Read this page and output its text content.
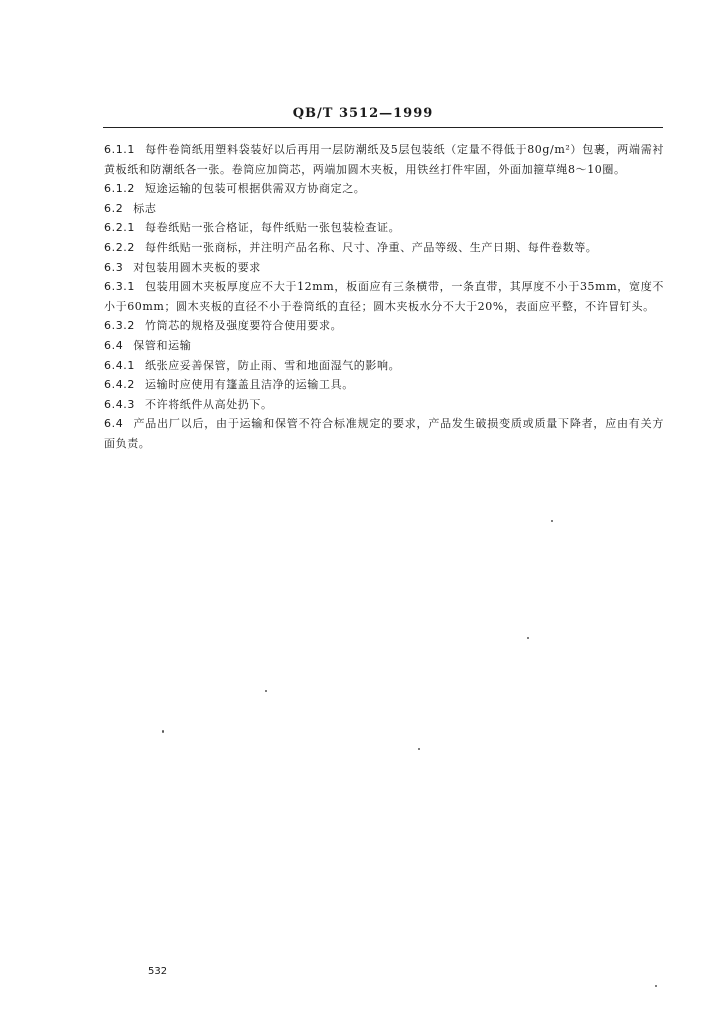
QB/T 3512—1999

6.1.1 每件卷筒纸用塑料袋装好以后再用一层防潮纸及5层包装纸（定量不得低于80g/m²）包裹，两端需衬黄板纸和防潮纸各一张。卷筒应加筒芯，两端加圆木夹板，用铁丝打件牢固，外面加箍草绳8～10圈。

6.1.2 短途运输的包装可根据供需双方协商定之。

6.2 标志

6.2.1 每卷纸贴一张合格证，每件纸贴一张包装检查证。

6.2.2 每件纸贴一张商标，并注明产品名称、尺寸、净重、产品等级、生产日期、每件卷数等。

6.3 对包装用圆木夹板的要求

6.3.1 包装用圆木夹板厚度应不大于12mm，板面应有三条横带，一条直带，其厚度不小于35mm，宽度不小于60mm；圆木夹板的直径不小于卷筒纸的直径；圆木夹板水分不大于20%，表面应平整，不许冒钉头。

6.3.2 竹筒芯的规格及强度要符合使用要求。

6.4 保管和运输

6.4.1 纸张应妥善保管，防止雨、雪和地面湿气的影响。

6.4.2 运输时应使用有篷盖且洁净的运输工具。

6.4.3 不许将纸件从高处扔下。

6.4 产品出厂以后，由于运输和保管不符合标准规定的要求，产品发生破损变质或质量下降者，应由有关方面负责。

532
